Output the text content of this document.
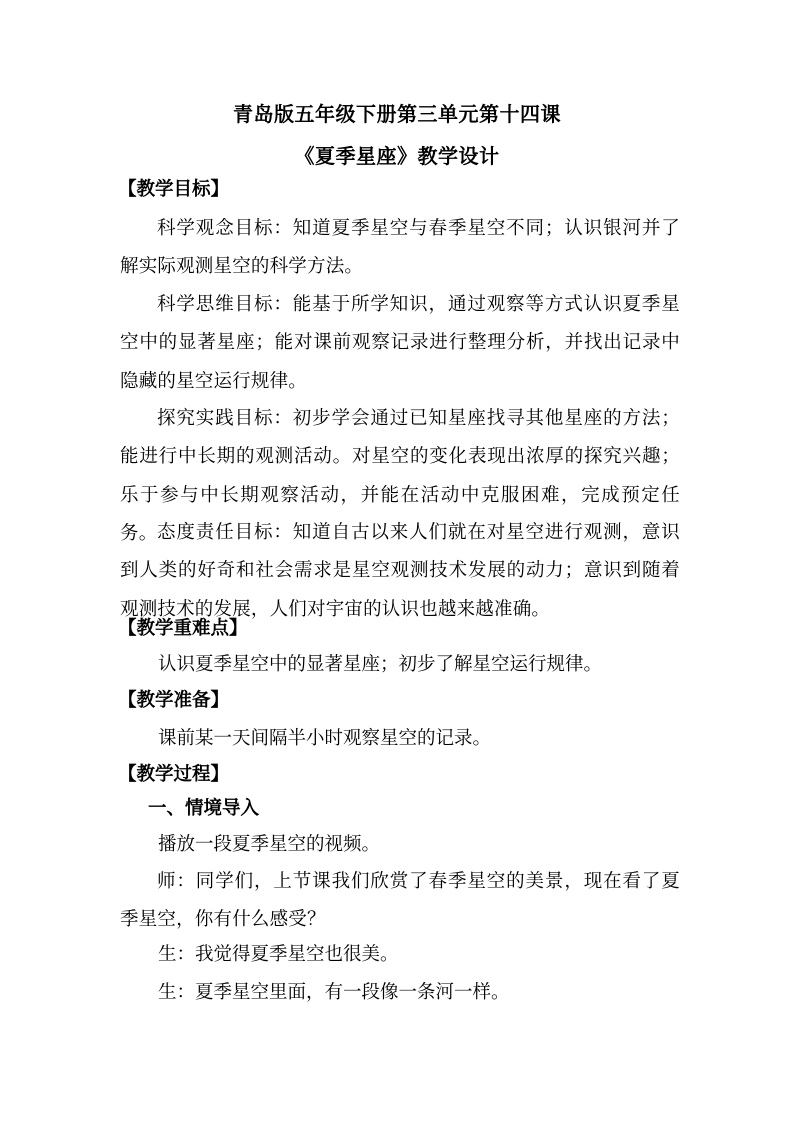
青岛版五年级下册第三单元第十四课
《夏季星座》教学设计
【教学目标】
科学观念目标：知道夏季星空与春季星空不同；认识银河并了解实际观测星空的科学方法。
科学思维目标：能基于所学知识，通过观察等方式认识夏季星空中的显著星座；能对课前观察记录进行整理分析，并找出记录中隐藏的星空运行规律。
探究实践目标：初步学会通过已知星座找寻其他星座的方法；能进行中长期的观测活动。对星空的变化表现出浓厚的探究兴趣；乐于参与中长期观察活动，并能在活动中克服困难，完成预定任务。 态度责任目标：知道自古以来人们就在对星空进行观测，意识到人类的好奇和社会需求是星空观测技术发展的动力；意识到随着观测技术的发展，人们对宇宙的认识也越来越准确。
【教学重难点】
认识夏季星空中的显著星座；初步了解星空运行规律。
【教学准备】
课前某一天间隔半小时观察星空的记录。
【教学过程】
一、情境导入
播放一段夏季星空的视频。
师：同学们，上节课我们欣赏了春季星空的美景，现在看了夏季星空，你有什么感受？
生：我觉得夏季星空也很美。
生：夏季星空里面，有一段像一条河一样。
